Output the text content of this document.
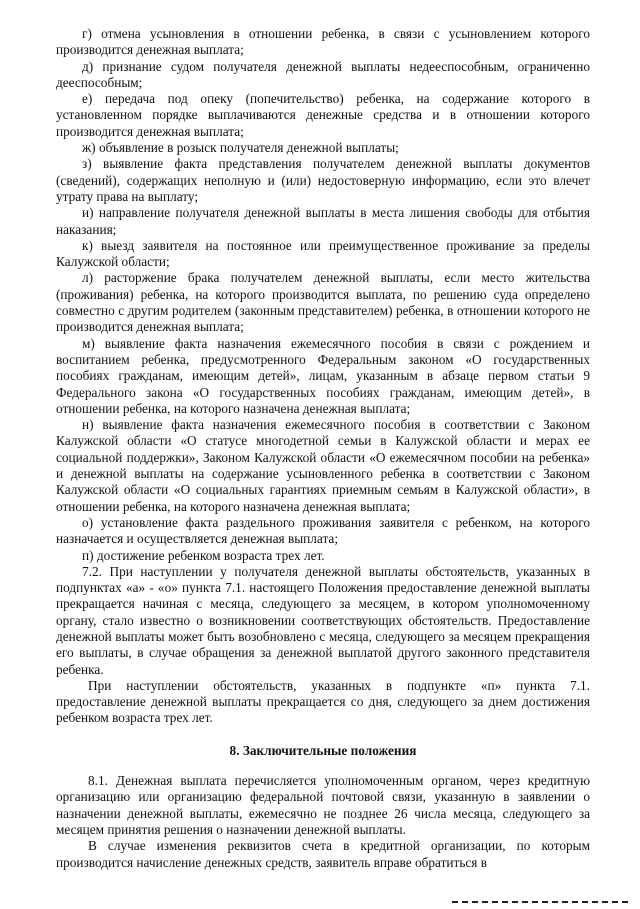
г) отмена усыновления в отношении ребенка, в связи с усыновлением которого производится денежная выплата;

д) признание судом получателя денежной выплаты недееспособным, ограниченно дееспособным;

е) передача под опеку (попечительство) ребенка, на содержание которого в установленном порядке выплачиваются денежные средства и в отношении которого производится денежная выплата;

ж) объявление в розыск получателя денежной выплаты;

з) выявление факта представления получателем денежной выплаты документов (сведений), содержащих неполную и (или) недостоверную информацию, если это влечет утрату права на выплату;

и) направление получателя денежной выплаты в места лишения свободы для отбытия наказания;

к) выезд заявителя на постоянное или преимущественное проживание за пределы Калужской области;

л) расторжение брака получателем денежной выплаты, если место жительства (проживания) ребенка, на которого производится выплата, по решению суда определено совместно с другим родителем (законным представителем) ребенка, в отношении которого не производится денежная выплата;

м) выявление факта назначения ежемесячного пособия в связи с рождением и воспитанием ребенка, предусмотренного Федеральным законом «О государственных пособиях гражданам, имеющим детей», лицам, указанным в абзаце первом статьи 9 Федерального закона «О государственных пособиях гражданам, имеющим детей», в отношении ребенка, на которого назначена денежная выплата;

н) выявление факта назначения ежемесячного пособия в соответствии с Законом Калужской области «О статусе многодетной семьи в Калужской области и мерах ее социальной поддержки», Законом Калужской области «О ежемесячном пособии на ребенка» и денежной выплаты на содержание усыновленного ребенка в соответствии с Законом Калужской области «О социальных гарантиях приемным семьям в Калужской области», в отношении ребенка, на которого назначена денежная выплата;

о) установление факта раздельного проживания заявителя с ребенком, на которого назначается и осуществляется денежная выплата;

п) достижение ребенком возраста трех лет.

7.2. При наступлении у получателя денежной выплаты обстоятельств, указанных в подпунктах «а» - «о» пункта 7.1. настоящего Положения предоставление денежной выплаты прекращается начиная с месяца, следующего за месяцем, в котором уполномоченному органу, стало известно о возникновении соответствующих обстоятельств. Предоставление денежной выплаты может быть возобновлено с месяца, следующего за месяцем прекращения его выплаты, в случае обращения за денежной выплатой другого законного представителя ребенка.

При наступлении обстоятельств, указанных в подпункте «п» пункта 7.1. предоставление денежной выплаты прекращается со дня, следующего за днем достижения ребенком возраста трех лет.

8. Заключительные положения

8.1. Денежная выплата перечисляется уполномоченным органом, через кредитную организацию или организацию федеральной почтовой связи, указанную в заявлении о назначении денежной выплаты, ежемесячно не позднее 26 числа месяца, следующего за месяцем принятия решения о назначении денежной выплаты.

В случае изменения реквизитов счета в кредитной организации, по которым производится начисление денежных средств, заявитель вправе обратиться в
